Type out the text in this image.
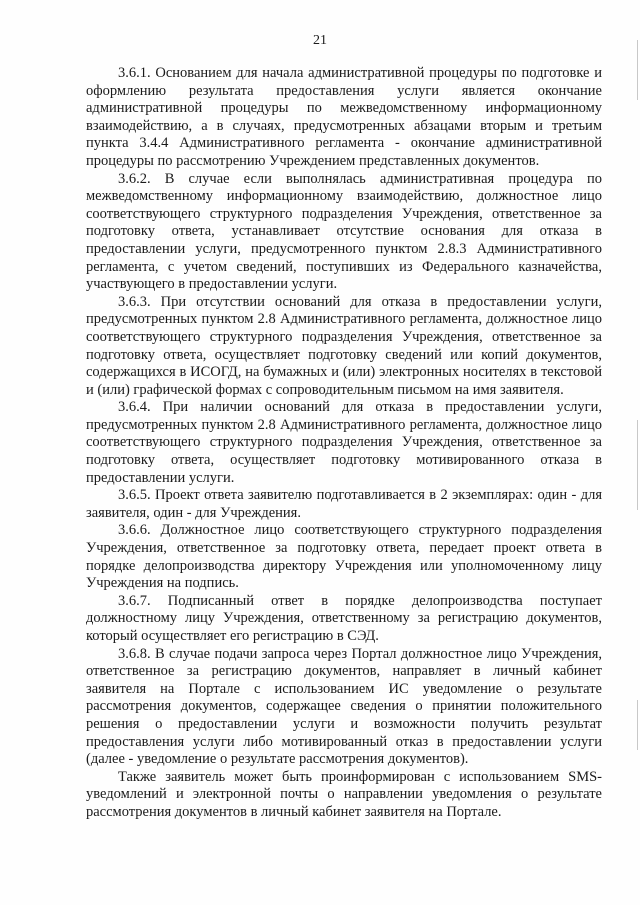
21

3.6.1. Основанием для начала административной процедуры по подготовке и оформлению результата предоставления услуги является окончание административной процедуры по межведомственному информационному взаимодействию, а в случаях, предусмотренных абзацами вторым и третьим пункта 3.4.4 Административного регламента - окончание административной процедуры по рассмотрению Учреждением представленных документов.

3.6.2. В случае если выполнялась административная процедура по межведомственному информационному взаимодействию, должностное лицо соответствующего структурного подразделения Учреждения, ответственное за подготовку ответа, устанавливает отсутствие основания для отказа в предоставлении услуги, предусмотренного пунктом 2.8.3 Административного регламента, с учетом сведений, поступивших из Федерального казначейства, участвующего в предоставлении услуги.

3.6.3. При отсутствии оснований для отказа в предоставлении услуги, предусмотренных пунктом 2.8 Административного регламента, должностное лицо соответствующего структурного подразделения Учреждения, ответственное за подготовку ответа, осуществляет подготовку сведений или копий документов, содержащихся в ИСОГД, на бумажных и (или) электронных носителях в текстовой и (или) графической формах с сопроводительным письмом на имя заявителя.

3.6.4. При наличии оснований для отказа в предоставлении услуги, предусмотренных пунктом 2.8 Административного регламента, должностное лицо соответствующего структурного подразделения Учреждения, ответственное за подготовку ответа, осуществляет подготовку мотивированного отказа в предоставлении услуги.

3.6.5. Проект ответа заявителю подготавливается в 2 экземплярах: один - для заявителя, один - для Учреждения.

3.6.6. Должностное лицо соответствующего структурного подразделения Учреждения, ответственное за подготовку ответа, передает проект ответа в порядке делопроизводства директору Учреждения или уполномоченному лицу Учреждения на подпись.

3.6.7. Подписанный ответ в порядке делопроизводства поступает должностному лицу Учреждения, ответственному за регистрацию документов, который осуществляет его регистрацию в СЭД.

3.6.8. В случае подачи запроса через Портал должностное лицо Учреждения, ответственное за регистрацию документов, направляет в личный кабинет заявителя на Портале с использованием ИС уведомление о результате рассмотрения документов, содержащее сведения о принятии положительного решения о предоставлении услуги и возможности получить результат предоставления услуги либо мотивированный отказ в предоставлении услуги (далее - уведомление о результате рассмотрения документов).

Также заявитель может быть проинформирован с использованием SMS-уведомлений и электронной почты о направлении уведомления о результате рассмотрения документов в личный кабинет заявителя на Портале.
